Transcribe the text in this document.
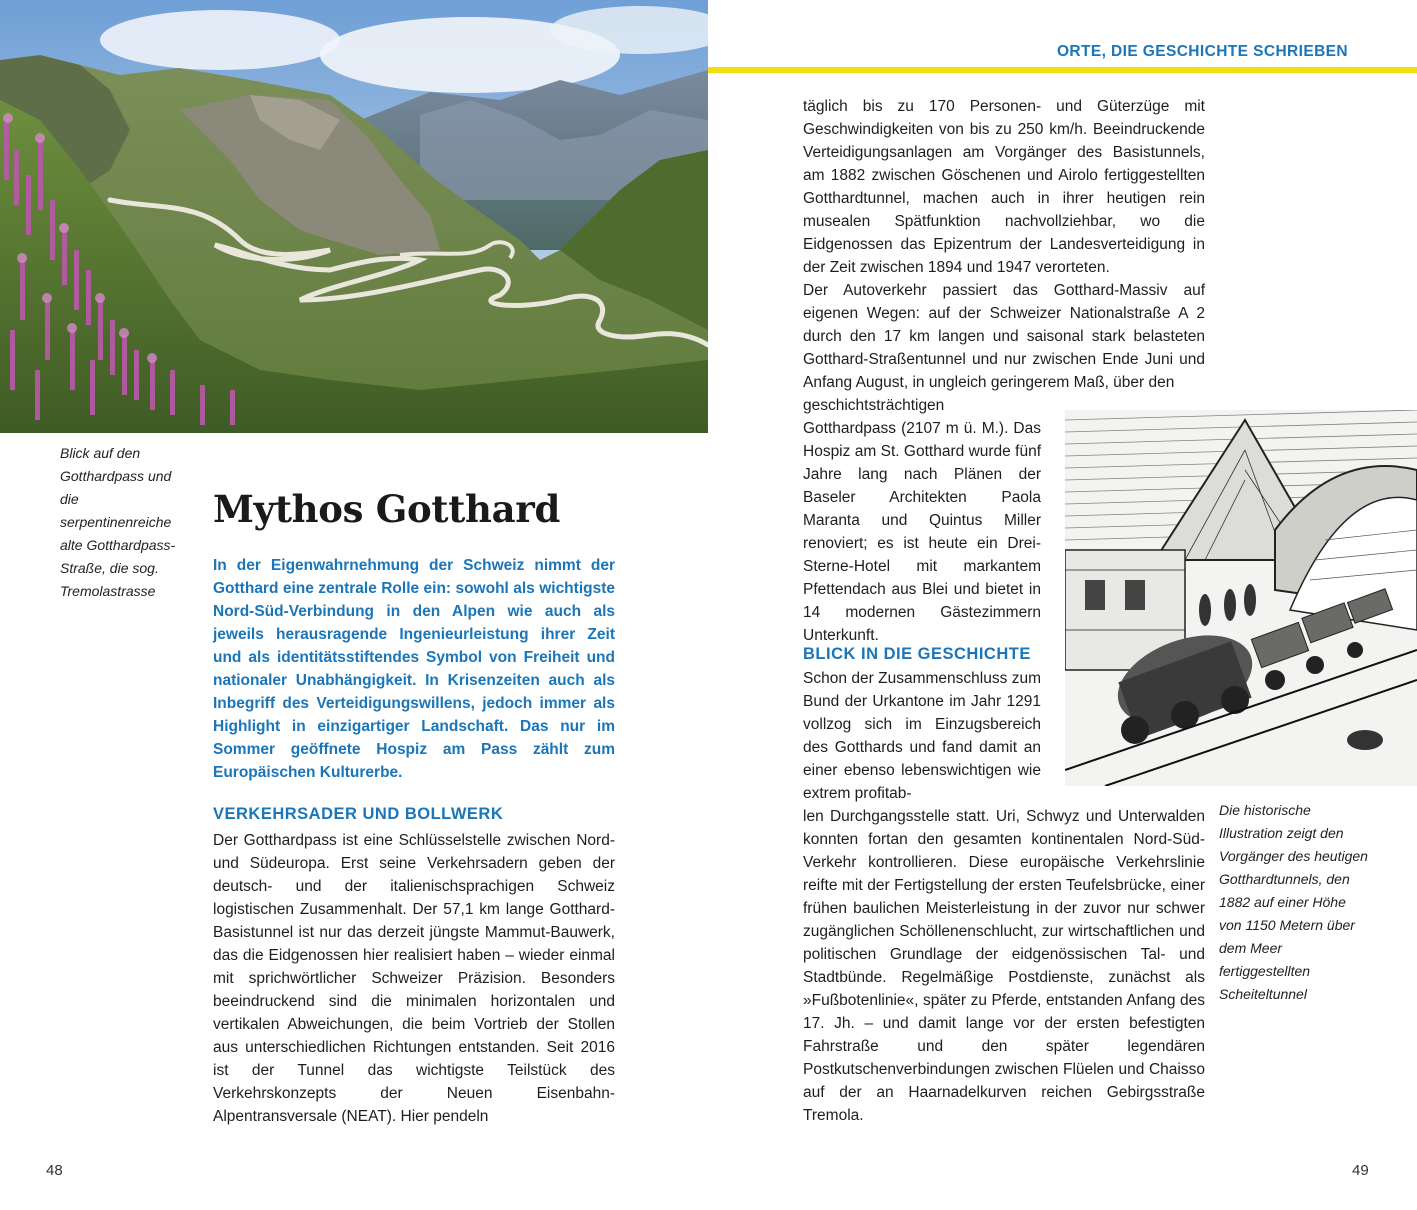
ORTE, DIE GESCHICHTE SCHRIEBEN
Blick auf den Gotthardpass und die serpentinenreiche alte Gotthardpass-Straße, die sog. Tremolastrasse
Mythos Gotthard
In der Eigenwahrnehmung der Schweiz nimmt der Gotthard eine zentrale Rolle ein: sowohl als wichtigste Nord-Süd-Verbindung in den Alpen wie auch als jeweils herausragende Ingenieurleistung ihrer Zeit und als identitätsstiftendes Symbol von Freiheit und nationaler Unabhängigkeit. In Krisenzeiten auch als Inbegriff des Verteidigungswillens, jedoch immer als Highlight in einzigartiger Landschaft. Das nur im Sommer geöffnete Hospiz am Pass zählt zum Europäischen Kulturerbe.
VERKEHRSADER UND BOLLWERK
Der Gotthardpass ist eine Schlüsselstelle zwischen Nord- und Südeuropa. Erst seine Verkehrsadern geben der deutsch- und der italienischsprachigen Schweiz logistischen Zusammenhalt. Der 57,1 km lange Gotthard-Basistunnel ist nur das derzeit jüngste Mammut-Bauwerk, das die Eidgenossen hier realisiert haben – wieder einmal mit sprichwörtlicher Schweizer Präzision. Besonders beeindruckend sind die minimalen horizontalen und vertikalen Abweichungen, die beim Vortrieb der Stollen aus unterschiedlichen Richtungen entstanden. Seit 2016 ist der Tunnel das wichtigste Teilstück des Verkehrskonzepts der Neuen Eisenbahn-Alpentransversale (NEAT). Hier pendeln
täglich bis zu 170 Personen- und Güterzüge mit Geschwindigkeiten von bis zu 250 km/h. Beeindruckende Verteidigungsanlagen am Vorgänger des Basistunnels, am 1882 zwischen Göschenen und Airolo fertiggestellten Gotthardtunnel, machen auch in ihrer heutigen rein musealen Spätfunktion nachvollziehbar, wo die Eidgenossen das Epizentrum der Landesverteidigung in der Zeit zwischen 1894 und 1947 verorteten.
Der Autoverkehr passiert das Gotthard-Massiv auf eigenen Wegen: auf der Schweizer Nationalstraße A 2 durch den 17 km langen und saisonal stark belasteten Gotthard-Straßentunnel und nur zwischen Ende Juni und Anfang August, in ungleich geringerem Maß, über den
geschichtsträchtigen Gotthardpass (2107 m ü. M.). Das Hospiz am St. Gotthard wurde fünf Jahre lang nach Plänen der Baseler Architekten Paola Maranta und Quintus Miller renoviert; es ist heute ein Drei-Sterne-Hotel mit markantem Pfettendach aus Blei und bietet in 14 modernen Gästezimmern Unterkunft.
BLICK IN DIE GESCHICHTE
Schon der Zusammenschluss zum Bund der Urkantone im Jahr 1291 vollzog sich im Einzugsbereich des Gotthards und fand damit an einer ebenso lebenswichtigen wie extrem profitab-
len Durchgangsstelle statt. Uri, Schwyz und Unterwalden konnten fortan den gesamten kontinentalen Nord-Süd-Verkehr kontrollieren. Diese europäische Verkehrslinie reifte mit der Fertigstellung der ersten Teufelsbrücke, einer frühen baulichen Meisterleistung in der zuvor nur schwer zugänglichen Schöllenenschlucht, zur wirtschaftlichen und politischen Grundlage der eidgenössischen Tal- und Stadtbünde. Regelmäßige Postdienste, zunächst als »Fußbotenlinie«, später zu Pferde, entstanden Anfang des 17. Jh. – und damit lange vor der ersten befestigten Fahrstraße und den später legendären Postkutschenverbindungen zwischen Flüelen und Chaisso auf der an Haarnadelkurven reichen Gebirgsstraße Tremola.
Die historische Illustration zeigt den Vorgänger des heutigen Gotthardtunnels, den 1882 auf einer Höhe von 1150 Metern über dem Meer fertiggestellten Scheiteltunnel
48	49
